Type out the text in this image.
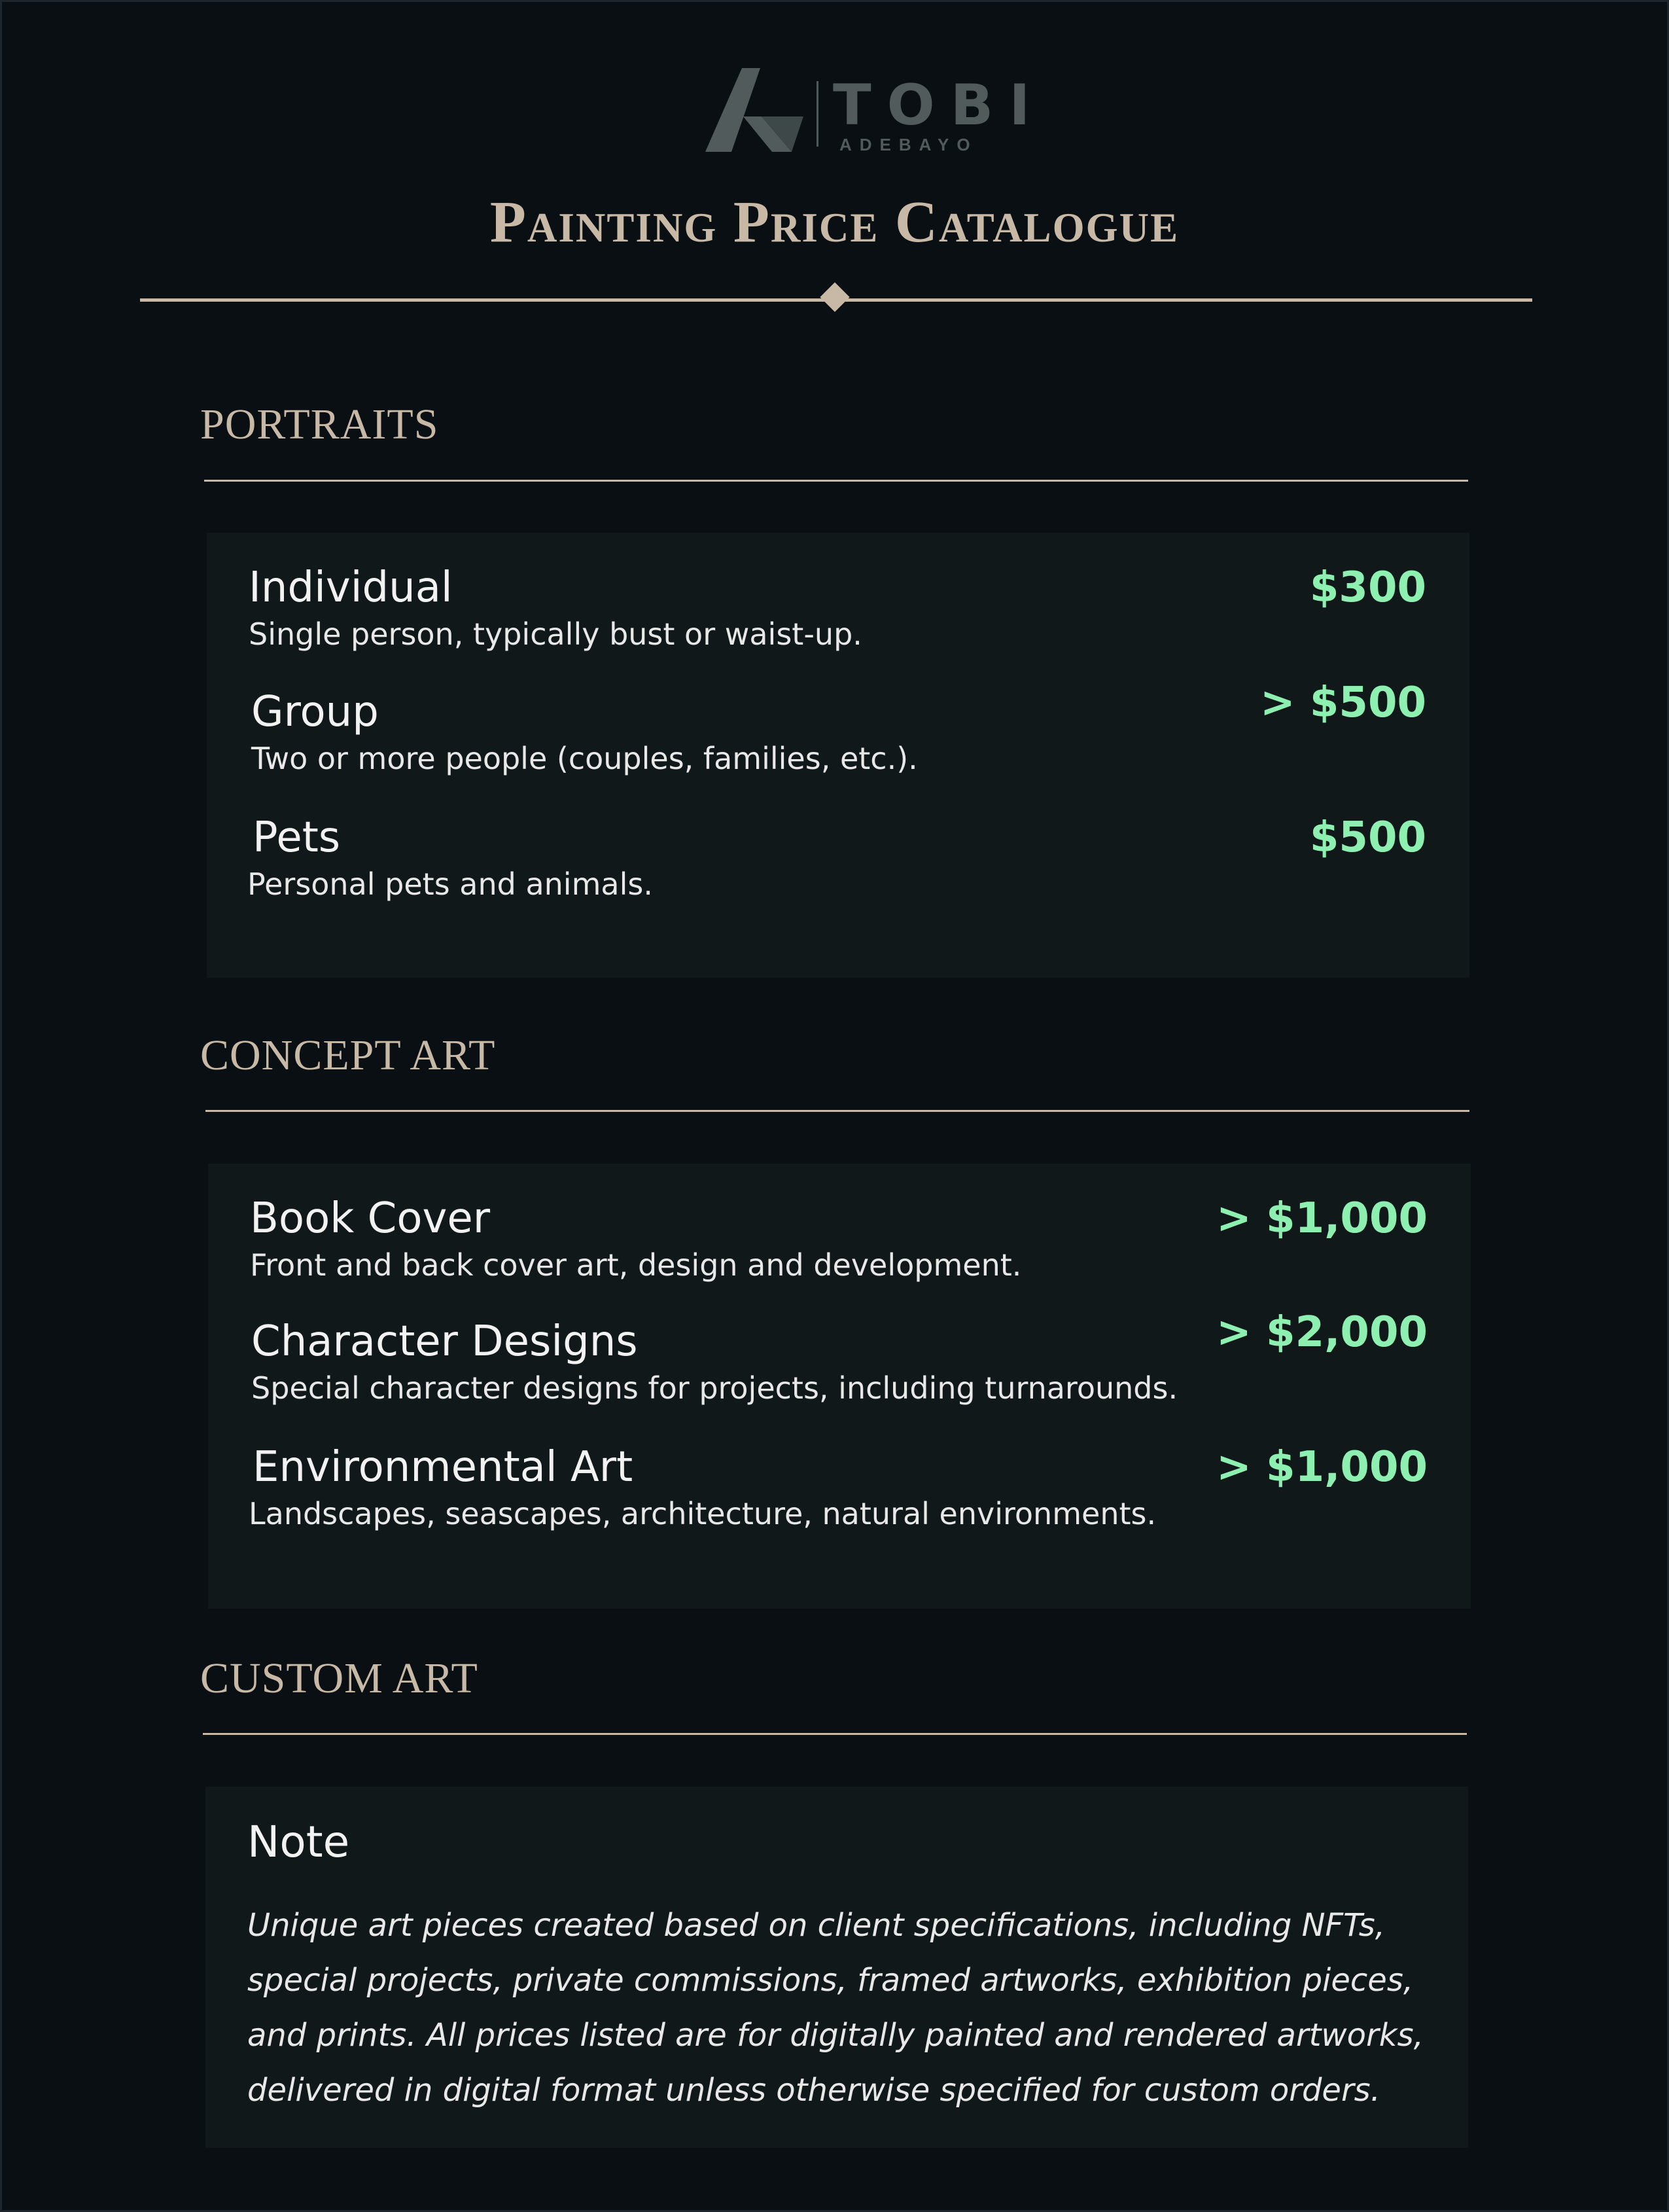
TOBI
ADEBAYO
Painting Price Catalogue
PORTRAITS
Individual
Single person, typically bust or waist-up.
$300
Group
Two or more people (couples, families, etc.).
> $500
Pets
Personal pets and animals.
$500
CONCEPT ART
Book Cover
Front and back cover art, design and development.
> $1,000
Character Designs
Special character designs for projects, including turnarounds.
> $2,000
Environmental Art
Landscapes, seascapes, architecture, natural environments.
> $1,000
CUSTOM ART
Note
Unique art pieces created based on client specifications, including NFTs, special projects, private commissions, framed artworks, exhibition pieces, and prints. All prices listed are for digitally painted and rendered artworks, delivered in digital format unless otherwise specified for custom orders.
